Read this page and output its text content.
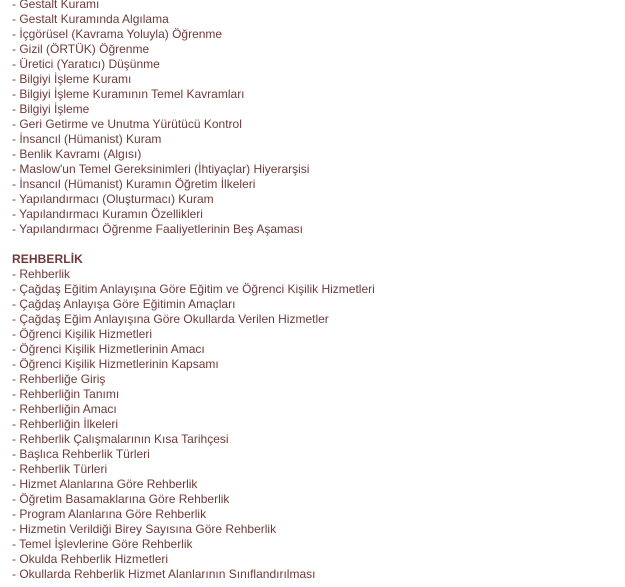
- Gestalt Kuramı
- Gestalt Kuramında Algılama
- İçgörüsel (Kavrama Yoluyla) Öğrenme
- Gizil (ÖRTÜK) Öğrenme
- Üretici (Yaratıcı) Düşünme
- Bilgiyi İşleme Kuramı
- Bilgiyi İşleme Kuramının Temel Kavramları
- Bilgiyi İşleme
- Geri Getirme ve Unutma Yürütücü Kontrol
- İnsancıl (Hümanist) Kuram
- Benlik Kavramı (Algısı)
- Maslow'un Temel Gereksinimleri (İhtiyaçlar) Hiyerarşisi
- İnsancıl (Hümanist) Kuramın Öğretim İlkeleri
- Yapılandırmacı (Oluşturmacı) Kuram
- Yapılandırmacı Kuramın Özellikleri
- Yapılandırmacı Öğrenme Faaliyetlerinin Beş Aşaması
REHBERLİK
- Rehberlik
- Çağdaş Eğitim Anlayışına Göre Eğitim ve Öğrenci Kişilik Hizmetleri
- Çağdaş Anlayışa Göre Eğitimin Amaçları
- Çağdaş Eğim Anlayışına Göre Okullarda Verilen Hizmetler
- Öğrenci Kişilik Hizmetleri
- Öğrenci Kişilik Hizmetlerinin Amacı
- Öğrenci Kişilik Hizmetlerinin Kapsamı
- Rehberliğe Giriş
- Rehberliğin Tanımı
- Rehberliğin Amacı
- Rehberliğin İlkeleri
- Rehberlik Çalışmalarının Kısa Tarihçesi
- Başlıca Rehberlik Türleri
- Rehberlik Türleri
- Hizmet Alanlarına Göre Rehberlik
- Öğretim Basamaklarına Göre Rehberlik
- Program Alanlarına Göre Rehberlik
- Hizmetin Verildiği Birey Sayısına Göre Rehberlik
- Temel İşlevlerine Göre Rehberlik
- Okulda Rehberlik Hizmetleri
- Okullarda Rehberlik Hizmet Alanlarının Sınıflandırılması
